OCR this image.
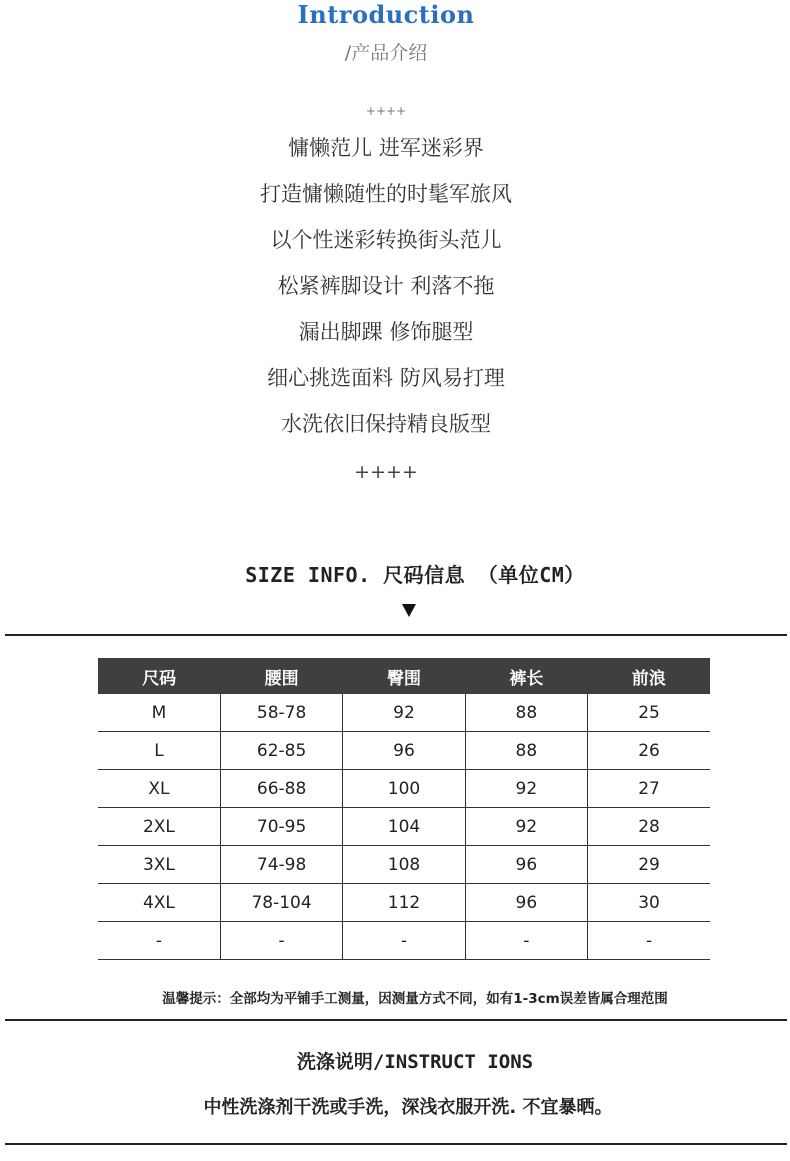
Introduction
/产品介绍
++++
慵懒范儿 进军迷彩界
打造慵懒随性的时髦军旅风
以个性迷彩转换街头范儿
松紧裤脚设计 利落不拖
漏出脚踝 修饰腿型
细心挑选面料 防风易打理
水洗依旧保持精良版型
++++
SIZE INFO. 尺码信息 （单位CM）
尺码	腰围	臀围	裤长	前浪
M	58-78	92	88	25
L	62-85	96	88	26
XL	66-88	100	92	27
2XL	70-95	104	92	28
3XL	74-98	108	96	29
4XL	78-104	112	96	30
-	-	-	-	-
温馨提示：全部均为平铺手工测量，因测量方式不同，如有1-3cm误差皆属合理范围
洗涤说明/INSTRUCT IONS
中性洗涤剂干洗或手洗，深浅衣服开洗. 不宜暴晒。
